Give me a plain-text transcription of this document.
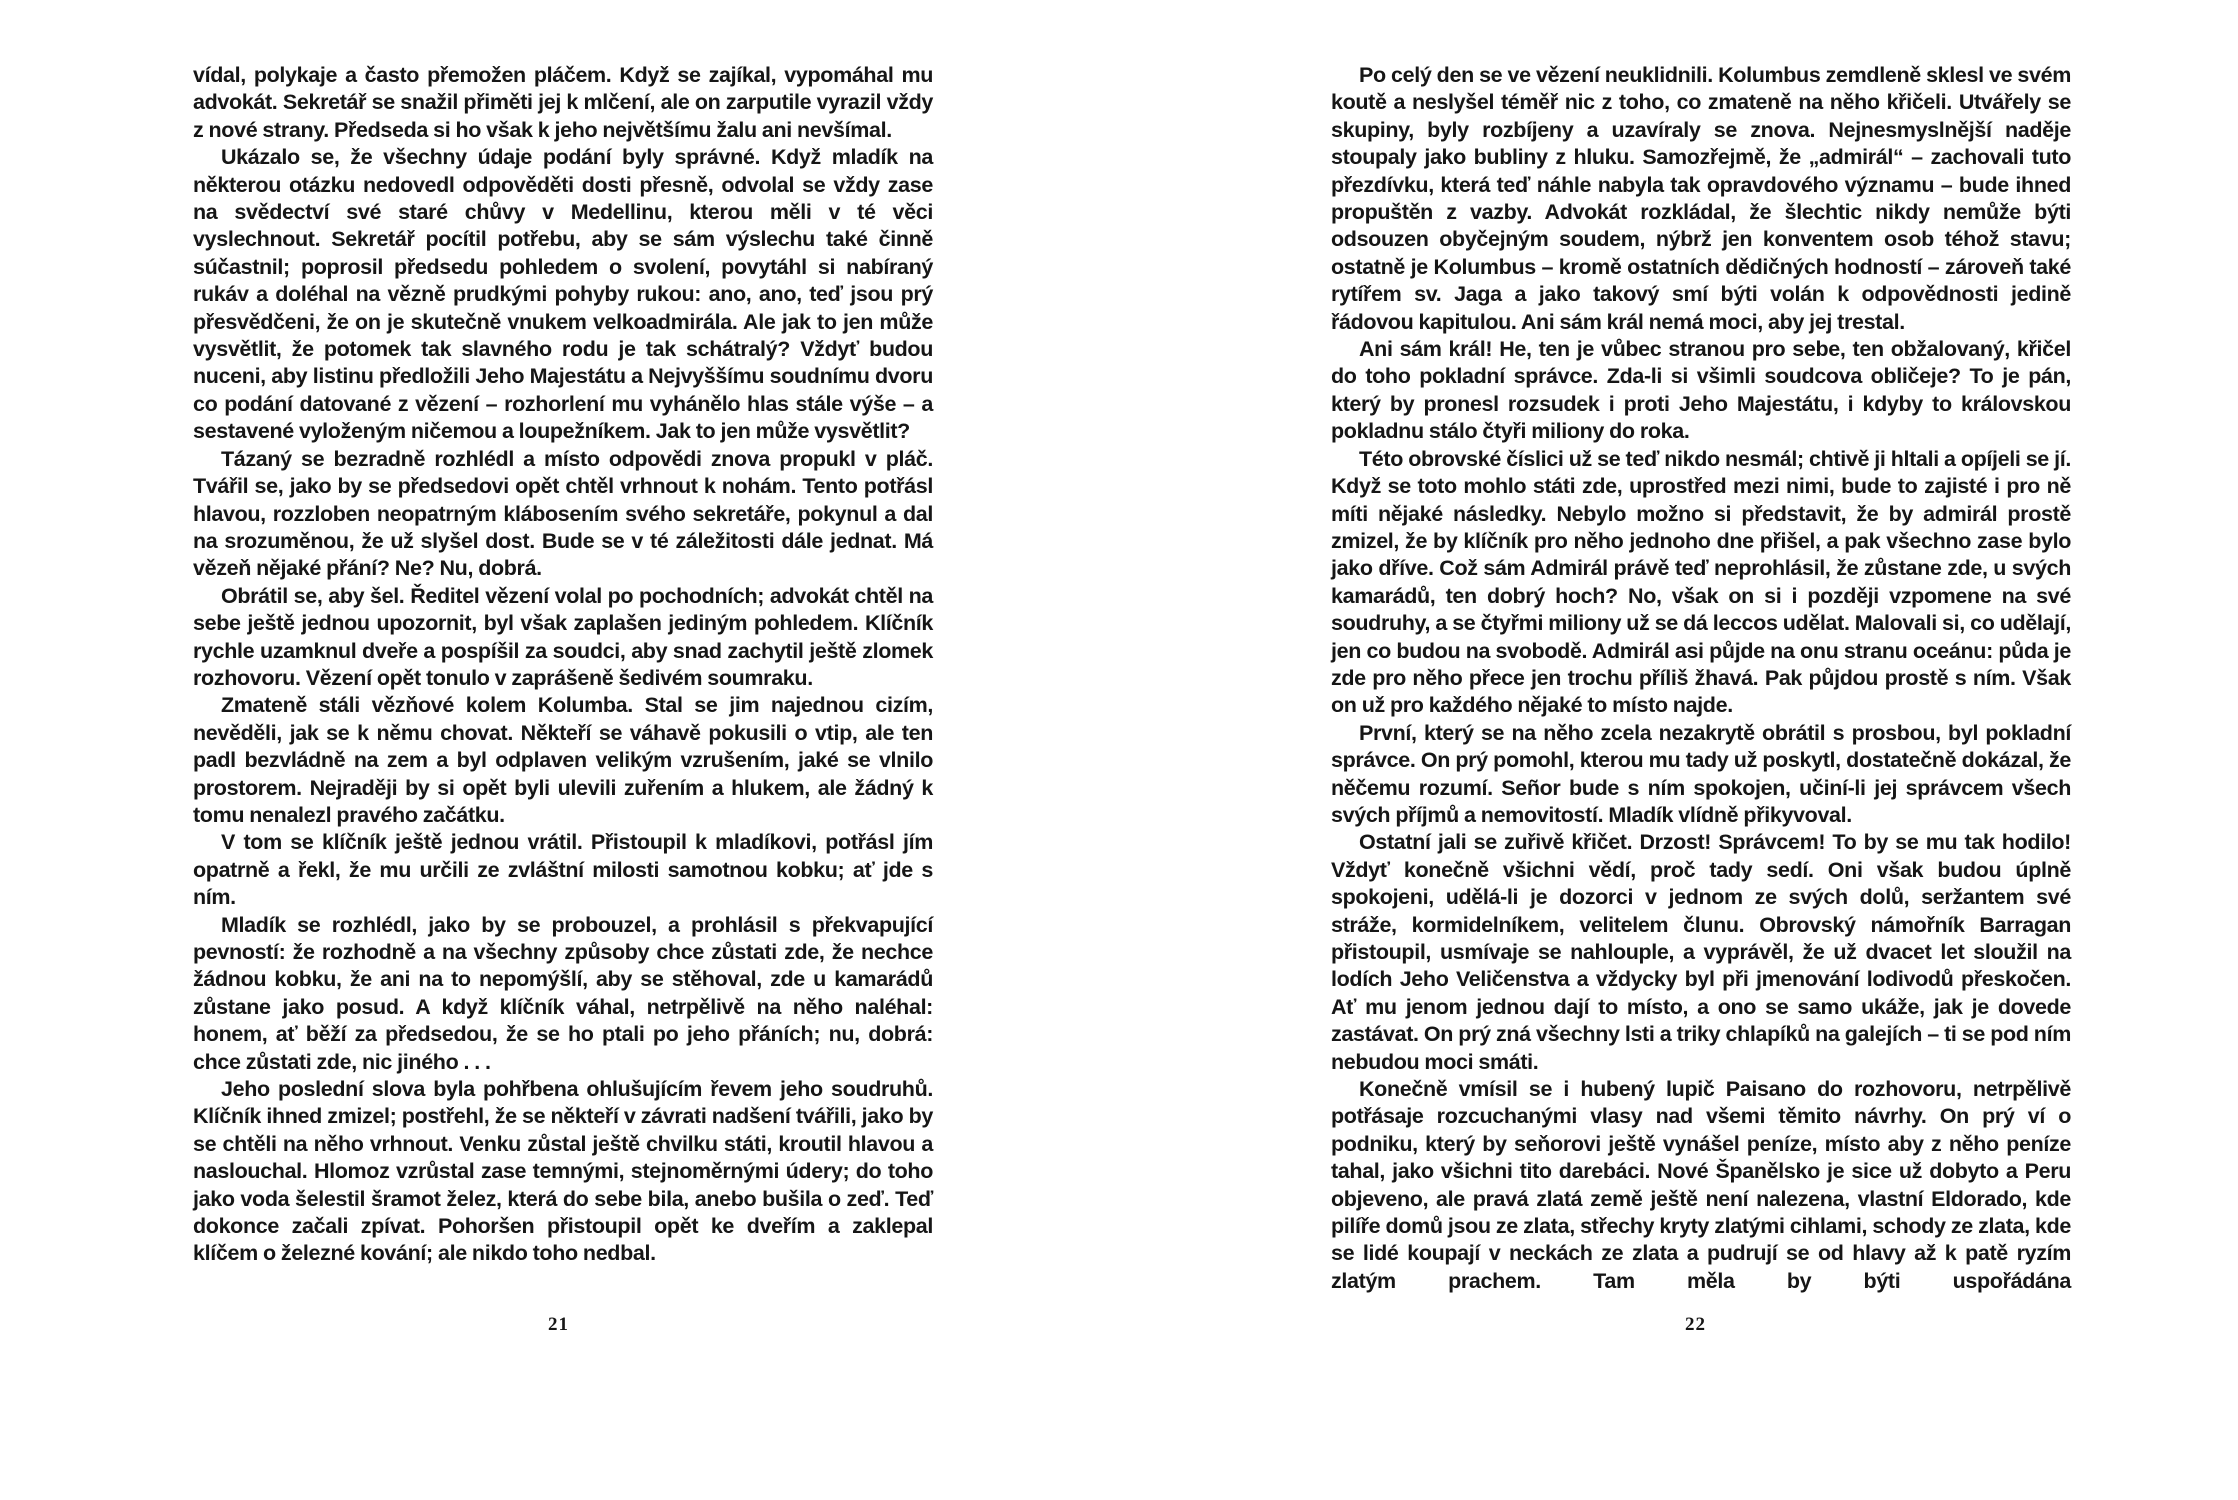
vídal, polykaje a často přemožen pláčem. Když se zajíkal, vypomáhal mu advokát. Sekretář se snažil přiměti jej k mlčení, ale on zarputile vyrazil vždy z nové strany. Předseda si ho však k jeho největšímu žalu ani nevšímal.

Ukázalo se, že všechny údaje podání byly správné. Když mladík na některou otázku nedovedl odpověděti dosti přesně, odvolal se vždy zase na svědectví své staré chůvy v Medellinu, kterou měli v té věci vyslechnout. Sekretář pocítil potřebu, aby se sám výslechu také činně súčastnil; poprosil předsedu pohledem o svolení, povytáhl si nabíraný rukáv a doléhal na vězně prudkými pohyby rukou: ano, ano, teď jsou prý přesvědčeni, že on je skutečně vnukem velkoadmirála. Ale jak to jen může vysvětlit, že potomek tak slavného rodu je tak schátralý? Vždyť budou nuceni, aby listinu předložili Jeho Majestátu a Nejvyššímu soudnímu dvoru co podání datované z vězení – rozhorlení mu vyhánělo hlas stále výše – a sestavené vyloženým ničemou a loupežníkem. Jak to jen může vysvětlit?

Tázaný se bezradně rozhlédl a místo odpovědi znova propukl v pláč. Tvářil se, jako by se předsedovi opět chtěl vrhnout k nohám. Tento potřásl hlavou, rozzloben neopatrným klábosením svého sekretáře, pokynul a dal na srozuměnou, že už slyšel dost. Bude se v té záležitosti dále jednat. Má vězeň nějaké přání? Ne? Nu, dobrá.

Obrátil se, aby šel. Ředitel vězení volal po pochodních; advokát chtěl na sebe ještě jednou upozornit, byl však zaplašen jediným pohledem. Klíčník rychle uzamknul dveře a pospíšil za soudci, aby snad zachytil ještě zlomek rozhovoru. Vězení opět tonulo v zaprášeně šedivém soumraku.

Zmateně stáli vězňové kolem Kolumba. Stal se jim najednou cizím, nevěděli, jak se k němu chovat. Někteří se váhavě pokusili o vtip, ale ten padl bezvládně na zem a byl odplaven velikým vzrušením, jaké se vlnilo prostorem. Nejraději by si opět byli ulevili zuřením a hlukem, ale žádný k tomu nenalezl pravého začátku.

V tom se klíčník ještě jednou vrátil. Přistoupil k mladíkovi, potřásl jím opatrně a řekl, že mu určili ze zvláštní milosti samotnou kobku; ať jde s ním.

Mladík se rozhlédl, jako by se probouzel, a prohlásil s překvapující pevností: že rozhodně a na všechny způsoby chce zůstati zde, že nechce žádnou kobku, že ani na to nepomýšlí, aby se stěhoval, zde u kamarádů zůstane jako posud. A když klíčník váhal, netrpělivě na něho naléhal: honem, ať běží za předsedou, že se ho ptali po jeho přáních; nu, dobrá: chce zůstati zde, nic jiného . . .

Jeho poslední slova byla pohřbena ohlušujícím řevem jeho soudruhů. Klíčník ihned zmizel; postřehl, že se někteří v závrati nadšení tvářili, jako by se chtěli na něho vrhnout. Venku zůstal ještě chvilku státi, kroutil hlavou a naslouchal. Hlomoz vzrůstal zase temnými, stejnoměrnými údery; do toho jako voda šelestil šramot želez, která do sebe bila, anebo bušila o zeď. Teď dokonce začali zpívat. Pohoršen přistoupil opět ke dveřím a zaklepal klíčem o železné kování; ale nikdo toho nedbal.

Po celý den se ve vězení neuklidnili. Kolumbus zemdleně sklesl ve svém koutě a neslyšel téměř nic z toho, co zmateně na něho křičeli. Utvářely se skupiny, byly rozbíjeny a uzavíraly se znova. Nejnesmyslnější naděje stoupaly jako bubliny z hluku. Samozřejmě, že „admirál“ – zachovali tuto přezdívku, která teď náhle nabyla tak opravdového významu – bude ihned propuštěn z vazby. Advokát rozkládal, že šlechtic nikdy nemůže býti odsouzen obyčejným soudem, nýbrž jen konventem osob téhož stavu; ostatně je Kolumbus – kromě ostatních dědičných hodností – zároveň také rytířem sv. Jaga a jako takový smí býti volán k odpovědnosti jedině řádovou kapitulou. Ani sám král nemá moci, aby jej trestal.

Ani sám král! He, ten je vůbec stranou pro sebe, ten obžalovaný, křičel do toho pokladní správce. Zda-li si všimli soudcova obličeje? To je pán, který by pronesl rozsudek i proti Jeho Majestátu, i kdyby to královskou pokladnu stálo čtyři miliony do roka.

Této obrovské číslici už se teď nikdo nesmál; chtivě ji hltali a opíjeli se jí. Když se toto mohlo státi zde, uprostřed mezi nimi, bude to zajisté i pro ně míti nějaké následky. Nebylo možno si představit, že by admirál prostě zmizel, že by klíčník pro něho jednoho dne přišel, a pak všechno zase bylo jako dříve. Což sám Admirál právě teď neprohlásil, že zůstane zde, u svých kamarádů, ten dobrý hoch? No, však on si i později vzpomene na své soudruhy, a se čtyřmi miliony už se dá leccos udělat. Malovali si, co udělají, jen co budou na svobodě. Admirál asi půjde na onu stranu oceánu: půda je zde pro něho přece jen trochu příliš žhavá. Pak půjdou prostě s ním. Však on už pro každého nějaké to místo najde.

První, který se na něho zcela nezakrytě obrátil s prosbou, byl pokladní správce. On prý pomohl, kterou mu tady už poskytl, dostatečně dokázal, že něčemu rozumí. Señor bude s ním spokojen, učiní-li jej správcem všech svých příjmů a nemovitostí. Mladík vlídně přikyvoval.

Ostatní jali se zuřivě křičet. Drzost! Správcem! To by se mu tak hodilo! Vždyť konečně všichni vědí, proč tady sedí. Oni však budou úplně spokojeni, udělá-li je dozorci v jednom ze svých dolů, seržantem své stráže, kormidelníkem, velitelem člunu. Obrovský námořník Barragan přistoupil, usmívaje se nahlouple, a vyprávěl, že už dvacet let sloužil na lodích Jeho Veličenstva a vždycky byl při jmenování lodivodů přeskočen. Ať mu jenom jednou dají to místo, a ono se samo ukáže, jak je dovede zastávat. On prý zná všechny lsti a triky chlapíků na galejích – ti se pod ním nebudou moci smáti.

Konečně vmísil se i hubený lupič Paisano do rozhovoru, netrpělivě potřásaje rozcuchanými vlasy nad všemi těmito návrhy. On prý ví o podniku, který by seňorovi ještě vynášel peníze, místo aby z něho peníze tahal, jako všichni tito darebáci. Nové Španělsko je sice už dobyto a Peru objeveno, ale pravá zlatá země ještě není nalezena, vlastní Eldorado, kde pilíře domů jsou ze zlata, střechy kryty zlatými cihlami, schody ze zlata, kde se lidé koupají v neckách ze zlata a pudrují se od hlavy až k patě ryzím zlatým prachem. Tam měla by býti uspořádána

21	22
